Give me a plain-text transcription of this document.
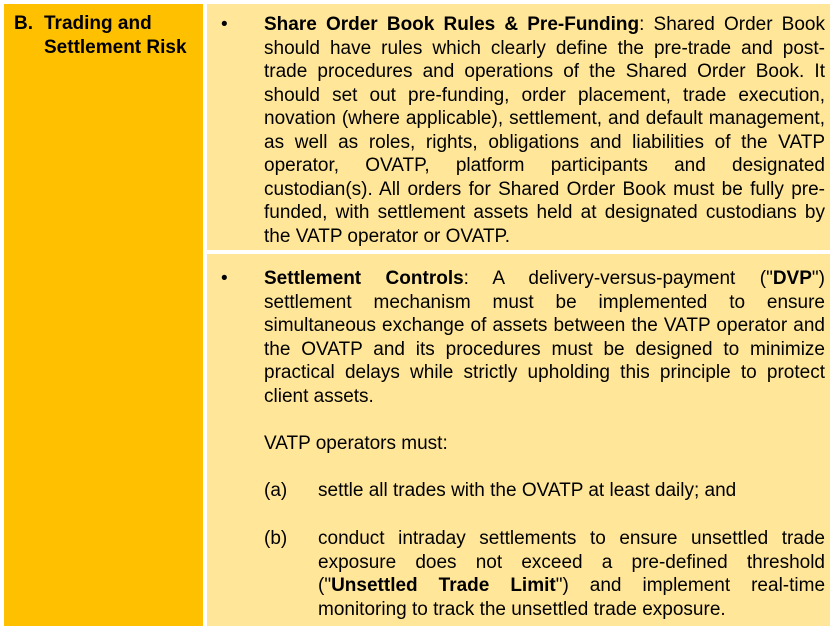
B. Trading and Settlement Risk
• Share Order Book Rules & Pre-Funding: Shared Order Book should have rules which clearly define the pre-trade and post-trade procedures and operations of the Shared Order Book. It should set out pre-funding, order placement, trade execution, novation (where applicable), settlement, and default management, as well as roles, rights, obligations and liabilities of the VATP operator, OVATP, platform participants and designated custodian(s). All orders for Shared Order Book must be fully pre-funded, with settlement assets held at designated custodians by the VATP operator or OVATP.
• Settlement Controls: A delivery-versus-payment ("DVP") settlement mechanism must be implemented to ensure simultaneous exchange of assets between the VATP operator and the OVATP and its procedures must be designed to minimize practical delays while strictly upholding this principle to protect client assets.
VATP operators must:
(a) settle all trades with the OVATP at least daily; and
(b) conduct intraday settlements to ensure unsettled trade exposure does not exceed a pre-defined threshold ("Unsettled Trade Limit") and implement real-time monitoring to track the unsettled trade exposure.
